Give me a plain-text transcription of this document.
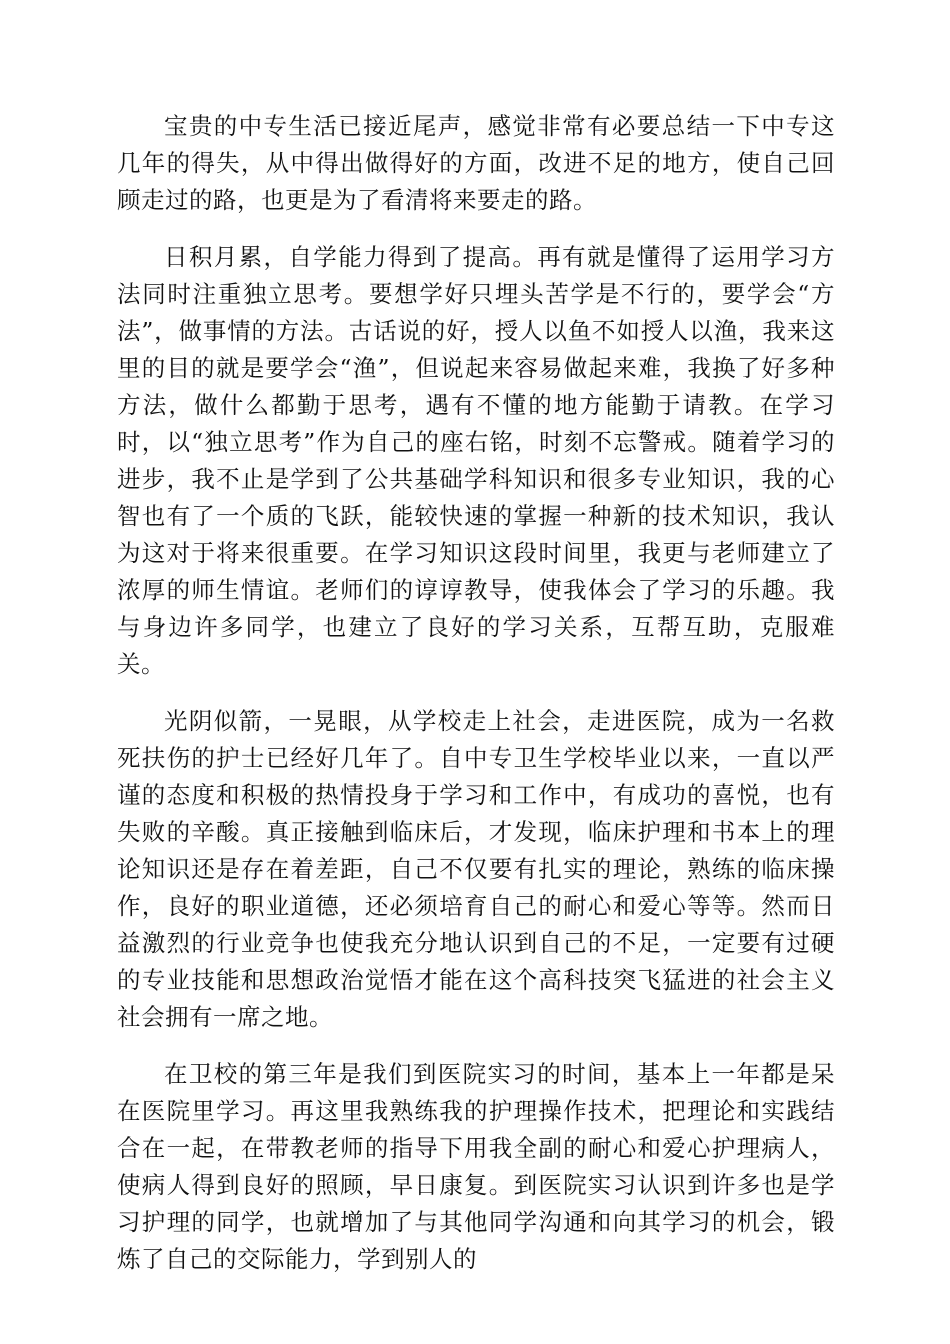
宝贵的中专生活已接近尾声，感觉非常有必要总结一下中专这几年的得失，从中得出做得好的方面，改进不足的地方，使自己回顾走过的路，也更是为了看清将来要走的路。

日积月累，自学能力得到了提高。再有就是懂得了运用学习方法同时注重独立思考。要想学好只埋头苦学是不行的，要学会“方法”，做事情的方法。古话说的好，授人以鱼不如授人以渔，我来这里的目的就是要学会“渔”，但说起来容易做起来难，我换了好多种方法，做什么都勤于思考，遇有不懂的地方能勤于请教。在学习时，以“独立思考”作为自己的座右铭，时刻不忘警戒。随着学习的进步，我不止是学到了公共基础学科知识和很多专业知识，我的心智也有了一个质的飞跃，能较快速的掌握一种新的技术知识，我认为这对于将来很重要。在学习知识这段时间里，我更与老师建立了浓厚的师生情谊。老师们的谆谆教导，使我体会了学习的乐趣。我与身边许多同学，也建立了良好的学习关系，互帮互助，克服难关。

光阴似箭，一晃眼，从学校走上社会，走进医院，成为一名救死扶伤的护士已经好几年了。自中专卫生学校毕业以来，一直以严谨的态度和积极的热情投身于学习和工作中，有成功的喜悦，也有失败的辛酸。真正接触到临床后，才发现，临床护理和书本上的理论知识还是存在着差距，自己不仅要有扎实的理论，熟练的临床操作，良好的职业道德，还必须培育自己的耐心和爱心等等。然而日益激烈的行业竞争也使我充分地认识到自己的不足，一定要有过硬的专业技能和思想政治觉悟才能在这个高科技突飞猛进的社会主义社会拥有一席之地。

在卫校的第三年是我们到医院实习的时间，基本上一年都是呆在医院里学习。再这里我熟练我的护理操作技术，把理论和实践结合在一起，在带教老师的指导下用我全副的耐心和爱心护理病人，使病人得到良好的照顾，早日康复。到医院实习认识到许多也是学习护理的同学，也就增加了与其他同学沟通和向其学习的机会，锻炼了自己的交际能力，学到别人的
